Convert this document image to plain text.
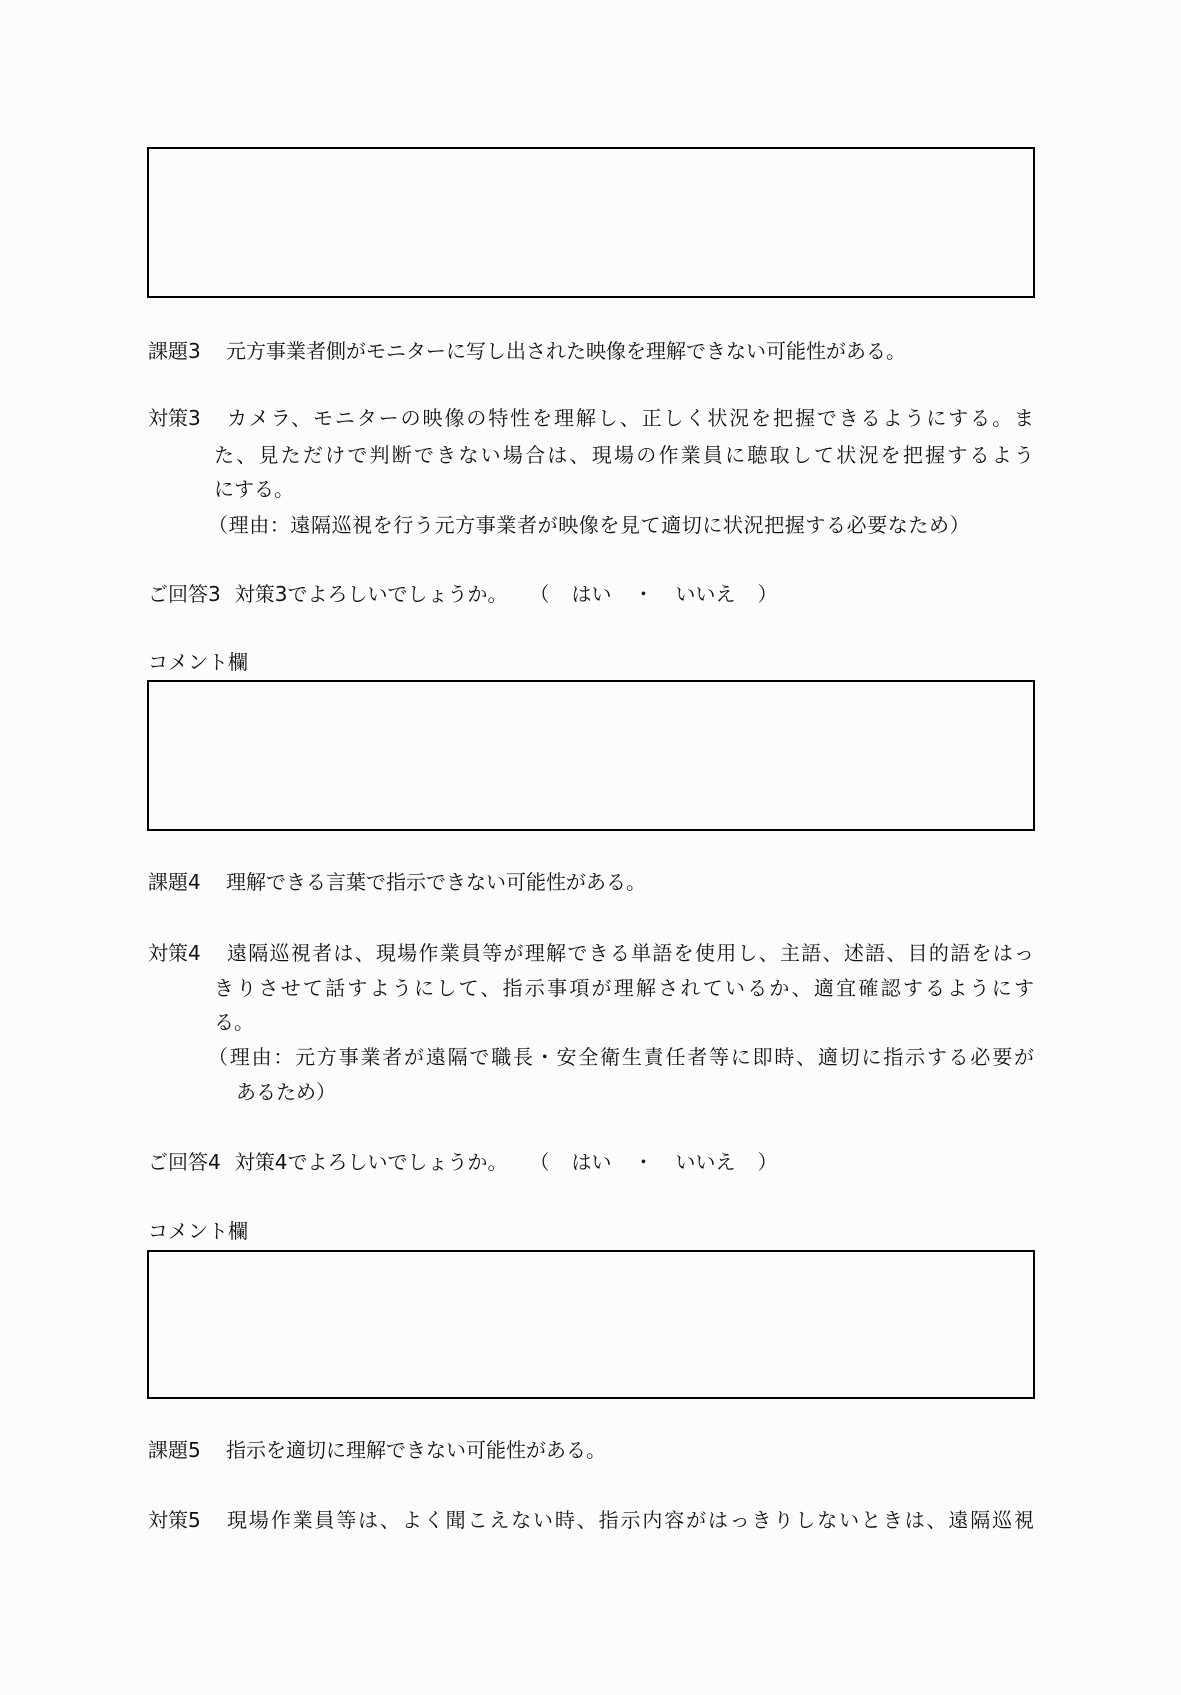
課題3	元方事業者側がモニターに写し出された映像を理解できない可能性がある。
対策3 カメラ、モニターの映像の特性を理解し、正しく状況を把握できるようにする。ま
た、見ただけで判断できない場合は、現場の作業員に聴取して状況を把握するよう
にする。
（理由：遠隔巡視を行う元方事業者が映像を見て適切に状況把握する必要なため）
ご回答3 対策3でよろしいでしょうか。 （ はい ・ いいえ ）
コメント欄
課題4	理解できる言葉で指示できない可能性がある。
対策4 遠隔巡視者は、現場作業員等が理解できる単語を使用し、主語、述語、目的語をはっ
きりさせて話すようにして、指示事項が理解されているか、適宜確認するようにす
る。
（理由：元方事業者が遠隔で職長・安全衛生責任者等に即時、適切に指示する必要が
あるため）
ご回答4 対策4でよろしいでしょうか。 （ はい ・ いいえ ）
コメント欄
課題5	指示を適切に理解できない可能性がある。
対策5 現場作業員等は、よく聞こえない時、指示内容がはっきりしないときは、遠隔巡視
